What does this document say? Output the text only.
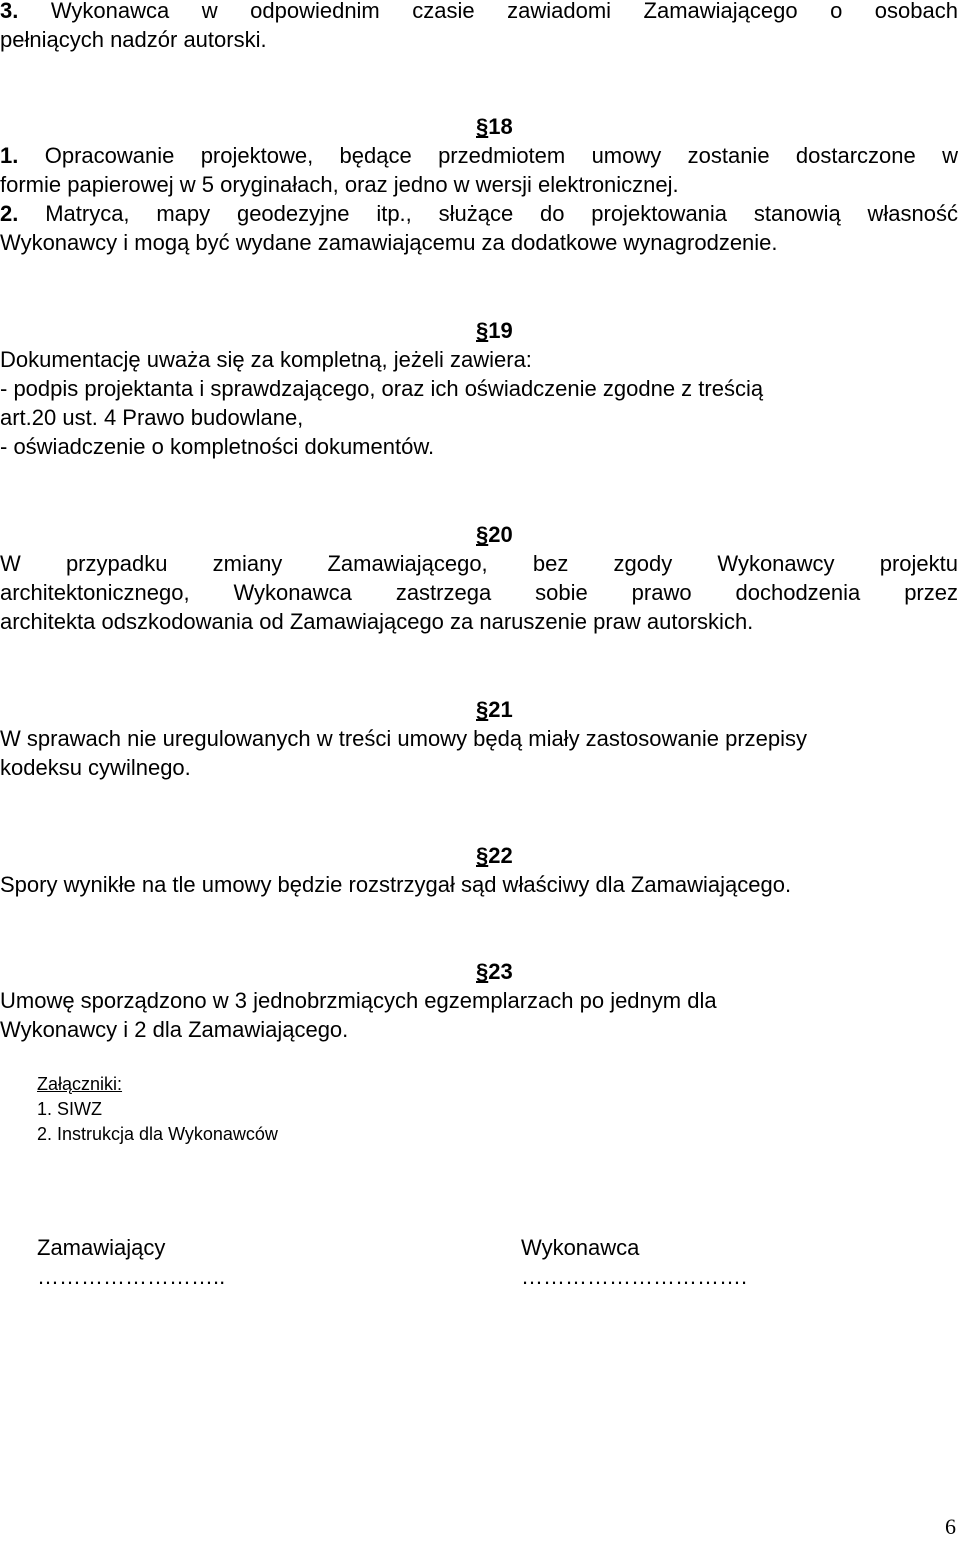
3. Wykonawca w odpowiednim czasie zawiadomi Zamawiającego o osobach
pełniących nadzór autorski.
§18
1. Opracowanie projektowe, będące przedmiotem umowy zostanie dostarczone w
formie papierowej w 5 oryginałach, oraz jedno w wersji elektronicznej.
2. Matryca, mapy geodezyjne itp., służące do projektowania stanowią własność
Wykonawcy i mogą być wydane zamawiającemu za dodatkowe wynagrodzenie.
§19
Dokumentację uważa się za kompletną, jeżeli zawiera:
- podpis projektanta i sprawdzającego, oraz ich oświadczenie zgodne z treścią
art.20 ust. 4 Prawo budowlane,
- oświadczenie o kompletności dokumentów.
§20
W przypadku zmiany Zamawiającego, bez zgody Wykonawcy projektu
architektonicznego, Wykonawca zastrzega sobie prawo dochodzenia przez
architekta odszkodowania od Zamawiającego za naruszenie praw autorskich.
§21
W sprawach nie uregulowanych w treści umowy będą miały zastosowanie przepisy
kodeksu cywilnego.
§22
Spory wynikłe na tle umowy będzie rozstrzygał sąd właściwy dla Zamawiającego.
§23
Umowę sporządzono w 3 jednobrzmiących egzemplarzach po jednym dla
Wykonawcy i 2 dla Zamawiającego.
Załączniki:
1. SIWZ
2. Instrukcja dla Wykonawców
Zamawiający
……………………..
Wykonawca
………………………….
6
